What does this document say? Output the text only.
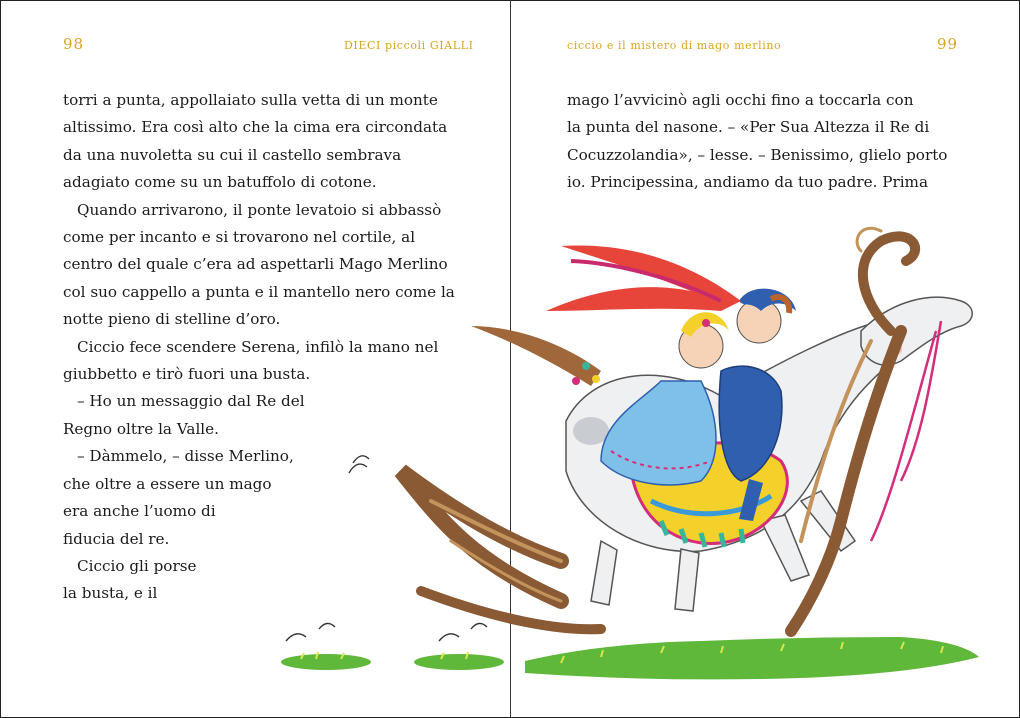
98	DIECI piccoli GIALLI	ciccio e il mistero di mago merlino	99
torri a punta, appollaiato sulla vetta di un monte
altissimo. Era così alto che la cima era circondata
da una nuvoletta su cui il castello sembrava
adagiato come su un batuffolo di cotone.
Quando arrivarono, il ponte levatoio si abbassò
come per incanto e si trovarono nel cortile, al
centro del quale c’era ad aspettarli Mago Merlino
col suo cappello a punta e il mantello nero come la
notte pieno di stelline d’oro.
Ciccio fece scendere Serena, infilò la mano nel
giubbetto e tirò fuori una busta.
– Ho un messaggio dal Re del
Regno oltre la Valle.
– Dàmmelo, – disse Merlino,
che oltre a essere un mago
era anche l’uomo di
fiducia del re.
Ciccio gli porse
la busta, e il
mago l’avvicinò agli occhi fino a toccarla con
la punta del nasone. – «Per Sua Altezza il Re di
Cocuzzolandia», – lesse. – Benissimo, glielo porto
io. Principessina, andiamo da tuo padre. Prima
